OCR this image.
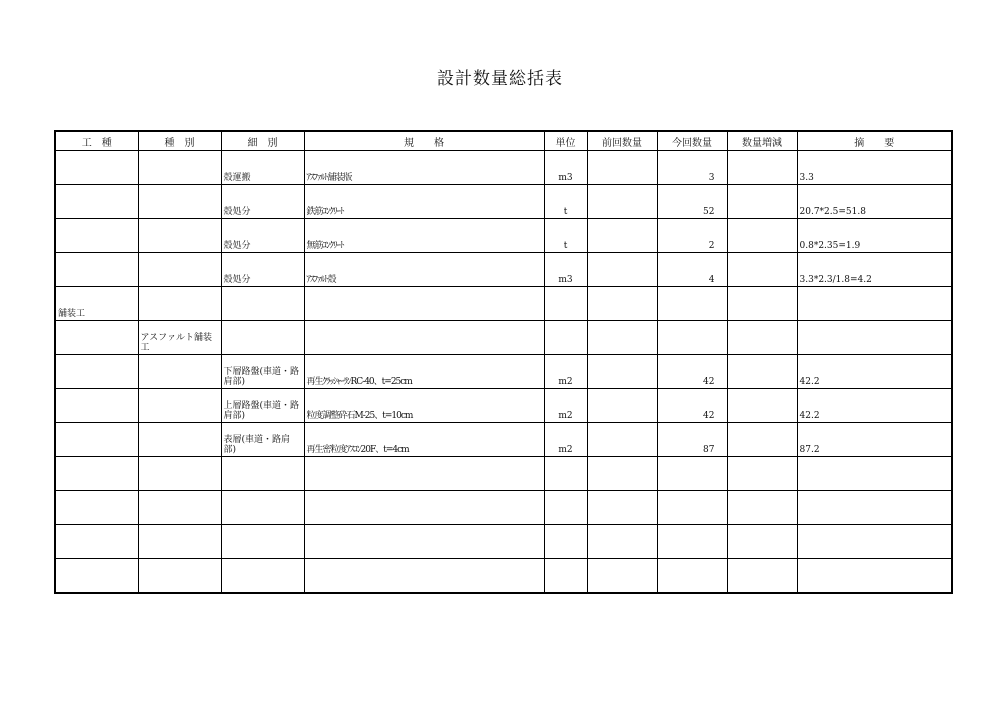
設計数量総括表
工　種	種　別	細　別	規　　格	単位	前回数量	今回数量	数量増減	摘　　要
		殻運搬	ｱｽﾌｧﾙﾄ舗装版	m3		3		3.3
		殻処分	鉄筋ｺﾝｸﾘｰﾄ	t		52		20.7*2.5=51.8
		殻処分	無筋ｺﾝｸﾘｰﾄ	t		2		0.8*2.35=1.9
		殻処分	ｱｽﾌｧﾙﾄ殻	m3		4		3.3*2.3/1.8=4.2
舗装工								
	アスファルト舗装工							
		下層路盤(車道・路肩部)	再生ｸﾗｯｼｬｰﾗﾝRC-40、t=25cm	m2		42		42.2
		上層路盤(車道・路肩部)	粒度調整砕石M-25、t=10cm	m2		42		42.2
		表層(車道・路肩部)	再生密粒度ｱｽｺﾝ20F、t=4cm	m2		87		87.2
